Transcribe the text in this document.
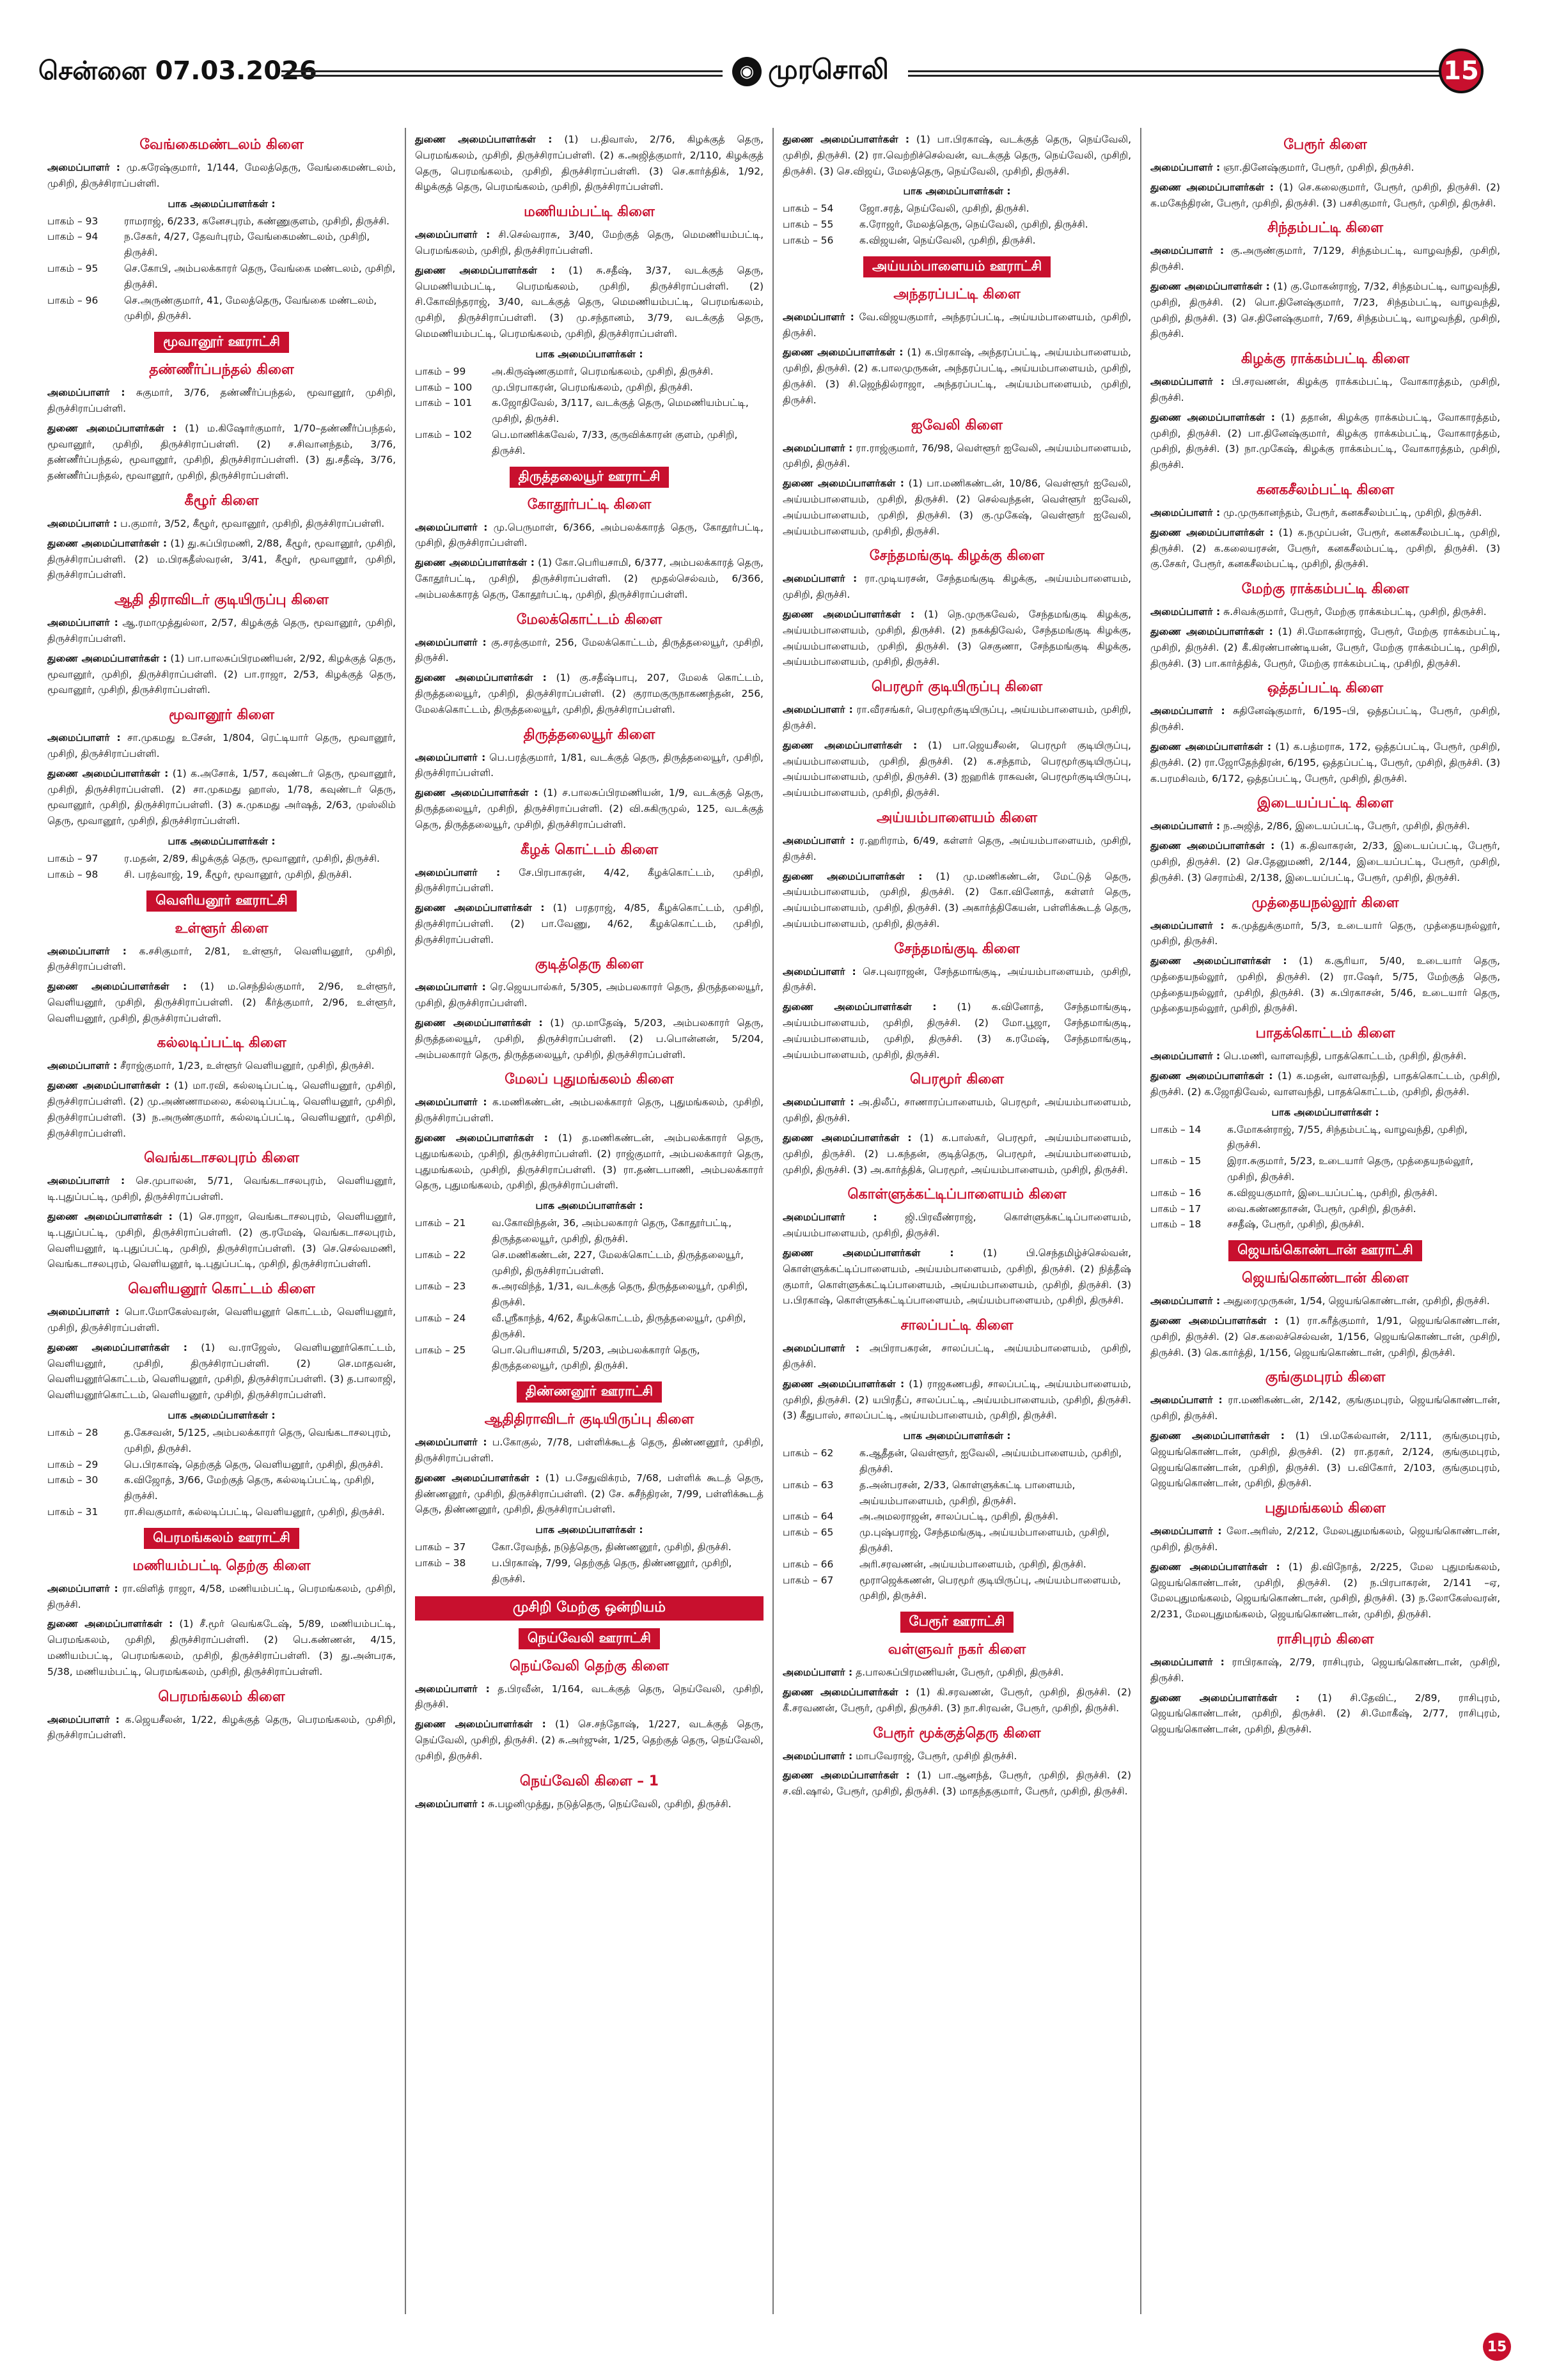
சென்னை 07.03.2026	◉ முரசொலி	15
வேங்கைமண்டலம் கிளை
அமைப்பாளர் : மு.சுரேஷ்குமார், 1/144, மேலத்தெரு, வேங்கைமண்டலம், முசிறி, திருச்சிராப்பள்ளி.
பாக அமைப்பாளர்கள் :
பாகம் – 93	ராமராஜ், 6/233, கனேசபுரம், கண்ணுகுளம், முசிறி, திருச்சி.
பாகம் – 94	ந.சேகர், 4/27, தேவர்புரம், வேங்கைமண்டலம், முசிறி, திருச்சி.
பாகம் – 95	செ.கோபி, அம்பலக்காரர் தெரு, வேங்கை மண்டலம், முசிறி, திருச்சி.
பாகம் – 96	செ.அருண்குமார், 41, மேலத்தெரு, வேங்கை மண்டலம், முசிறி, திருச்சி.
மூவானூர் ஊராட்சி
தண்ணீர்ப்பந்தல் கிளை
அமைப்பாளர் : சுகுமார், 3/76, தண்ணீர்ப்பந்தல், மூவானூர், முசிறி, திருச்சிராப்பள்ளி.
துணை அமைப்பாளர்கள் : (1) ம.கிஷோர்குமார், 1/70–தண்ணீர்ப்பந்தல், மூவானூர், முசிறி, திருச்சிராப்பள்ளி. (2) ச.சிவானந்தம், 3/76, தண்ணீர்ப்பந்தல், மூவானூர், முசிறி, திருச்சிராப்பள்ளி. (3) து.சதீஷ், 3/76, தண்ணீர்ப்பந்தல், மூவானூர், முசிறி, திருச்சிராப்பள்ளி.
கீழூர் கிளை
அமைப்பாளர் : ப.குமார், 3/52, கீழூர், மூவானூர், முசிறி, திருச்சிராப்பள்ளி.
துணை அமைப்பாளர்கள் : (1) து.சுப்பிரமணி, 2/88, கீழூர், மூவானூர், முசிறி, திருச்சிராப்பள்ளி. (2) ம.பிரகதீஸ்வரன், 3/41, கீழூர், மூவானூர், முசிறி, திருச்சிராப்பள்ளி.
ஆதி திராவிடர் குடியிருப்பு கிளை
அமைப்பாளர் : ஆ.ரமாமுத்துல்லா, 2/57, கிழக்குத் தெரு, மூவானூர், முசிறி, திருச்சிராப்பள்ளி.
துணை அமைப்பாளர்கள் : (1) பா.பாலசுப்பிரமணியன், 2/92, கிழக்குத் தெரு, மூவானூர், முசிறி, திருச்சிராப்பள்ளி. (2) பா.ராஜா, 2/53, கிழக்குத் தெரு, மூவானூர், முசிறி, திருச்சிராப்பள்ளி.
மூவானூர் கிளை
அமைப்பாளர் : சா.முகமது உசேன், 1/804, ரெட்டியார் தெரு, மூவானூர், முசிறி, திருச்சிராப்பள்ளி.
துணை அமைப்பாளர்கள் : (1) க.அசோக், 1/57, கவுண்டர் தெரு, மூவானூர், முசிறி, திருச்சிராப்பள்ளி. (2) சா.முகமது ஹாஸ், 1/78, கவுண்டர் தெரு, மூவானூர், முசிறி, திருச்சிராப்பள்ளி. (3) சு.முகமது அர்ஷத், 2/63, முஸ்லிம் தெரு, மூவானூர், முசிறி, திருச்சிராப்பள்ளி.
பாக அமைப்பாளர்கள் :
பாகம் – 97	ர.மதன், 2/89, கிழக்குத் தெரு, மூவானூர், முசிறி, திருச்சி.
பாகம் – 98	சி. பரத்வாஜ், 19, கீழூர், மூவானூர், முசிறி, திருச்சி.
வெளியனூர் ஊராட்சி
உள்ளூர் கிளை
அமைப்பாளர் : க.சசிகுமார், 2/81, உள்ளூர், வெளியனூர், முசிறி, திருச்சிராப்பள்ளி.
துணை அமைப்பாளர்கள் : (1) ம.செந்தில்குமார், 2/96, உள்ளூர், வெளியனூர், முசிறி, திருச்சிராப்பள்ளி. (2) கீர்த்குமார், 2/96, உள்ளூர், வெளியனூர், முசிறி, திருச்சிராப்பள்ளி.
கல்லடிப்பட்டி கிளை
அமைப்பாளர் : சீராஜ்குமார், 1/23, உள்ளூர் வெளியனூர், முசிறி, திருச்சி.
துணை அமைப்பாளர்கள் : (1) மா.ரவி, கல்லடிப்பட்டி, வெளியனூர், முசிறி, திருச்சிராப்பள்ளி. (2) மு.அண்ணாமலை, கல்லடிப்பட்டி, வெளியனூர், முசிறி, திருச்சிராப்பள்ளி. (3) ந.அருண்குமார், கல்லடிப்பட்டி, வெளியனூர், முசிறி, திருச்சிராப்பள்ளி.
வெங்கடாசலபுரம் கிளை
அமைப்பாளர் : செ.முபாலன், 5/71, வெங்கடாசலபுரம், வெளியனூர், டி.புதுப்பட்டி, முசிறி, திருச்சிராப்பள்ளி.
துணை அமைப்பாளர்கள் : (1) செ.ராஜா, வெங்கடாசலபுரம், வெளியனூர், டி.புதுப்பட்டி, முசிறி, திருச்சிராப்பள்ளி. (2) கு.ரமேஷ், வெங்கடாசலபுரம், வெளியனூர், டி.புதுப்பட்டி, முசிறி, திருச்சிராப்பள்ளி. (3) செ.செல்வமணி, வெங்கடாசலபுரம், வெளியனூர், டி.புதுப்பட்டி, முசிறி, திருச்சிராப்பள்ளி.
வெளியனூர் கொட்டம் கிளை
அமைப்பாளர் : பொ.மோகேஸ்வரன், வெளியனூர் கொட்டம், வெளியனூர், முசிறி, திருச்சிராப்பள்ளி.
துணை அமைப்பாளர்கள் : (1) வ.ராஜேஸ், வெளியனூர்கொட்டம், வெளியனூர், முசிறி, திருச்சிராப்பள்ளி. (2) செ.மாதவன், வெளியனூர்கொட்டம், வெளியனூர், முசிறி, திருச்சிராப்பள்ளி. (3) த.பாலாஜி, வெளியனூர்கொட்டம், வெளியனூர், முசிறி, திருச்சிராப்பள்ளி.
பாக அமைப்பாளர்கள் :
பாகம் – 28	த.கேசவன், 5/125, அம்பலக்காரர் தெரு, வெங்கடாசலபுரம், முசிறி, திருச்சி.
பாகம் – 29	பெ.பிரகாஷ், தெற்குத் தெரு, வெளியனூர், முசிறி, திருச்சி.
பாகம் – 30	க.விஜோத், 3/66, மேற்குத் தெரு, கல்லடிப்பட்டி, முசிறி, திருச்சி.
பாகம் – 31	ரா.சிவகுமார், கல்லடிப்பட்டி, வெளியனூர், முசிறி, திருச்சி.
பெரமங்கலம் ஊராட்சி
மணியம்பட்டி தெற்கு கிளை
அமைப்பாளர் : ரா.விளித் ராஜா, 4/58, மணியம்பட்டி, பெரமங்கலம், முசிறி, திருச்சி.
துணை அமைப்பாளர்கள் : (1) சீ.மூர் வெங்கடேஷ், 5/89, மணியம்பட்டி, பெரமங்கலம், முசிறி, திருச்சிராப்பள்ளி. (2) பெ.கண்ணன், 4/15, மணியம்பட்டி, பெரமங்கலம், முசிறி, திருச்சிராப்பள்ளி. (3) து.அன்பரசு, 5/38, மணியம்பட்டி, பெரமங்கலம், முசிறி, திருச்சிராப்பள்ளி.
பெரமங்கலம் கிளை
அமைப்பாளர் : க.ஜெயசீலன், 1/22, கிழக்குத் தெரு, பெரமங்கலம், முசிறி, திருச்சிராப்பள்ளி.
துணை அமைப்பாளர்கள் : (1) ப.திவாஸ், 2/76, கிழக்குத் தெரு, பெரமங்கலம், முசிறி, திருச்சிராப்பள்ளி. (2) க.அஜித்குமார், 2/110, கிழக்குத் தெரு, பெரமங்கலம், முசிறி, திருச்சிராப்பள்ளி. (3) செ.கார்த்திக், 1/92, கிழக்குத் தெரு, பெரமங்கலம், முசிறி, திருச்சிராப்பள்ளி.
மணியம்பட்டி கிளை
அமைப்பாளர் : சி.செல்வராசு, 3/40, மேற்குத் தெரு, மெமணியம்பட்டி, பெரமங்கலம், முசிறி, திருச்சிராப்பள்ளி.
துணை அமைப்பாளர்கள் : (1) சு.சதீஷ், 3/37, வடக்குத் தெரு, பெமணியம்பட்டி, பெரமங்கலம், முசிறி, திருச்சிராப்பள்ளி. (2) சி.கோவிந்தராஜ், 3/40, வடக்குத் தெரு, மெமணியம்பட்டி, பெரமங்கலம், முசிறி, திருச்சிராப்பள்ளி. (3) மு.சந்தானம், 3/79, வடக்குத் தெரு, மெமணியம்பட்டி, பெரமங்கலம், முசிறி, திருச்சிராப்பள்ளி.
பாக அமைப்பாளர்கள் :
பாகம் – 99	அ.கிருஷ்ணகுமார், பெரமங்கலம், முசிறி, திருச்சி.
பாகம் – 100	மு.பிரபாகரன், பெரமங்கலம், முசிறி, திருச்சி.
பாகம் – 101	க.ஜோதிவேல், 3/117, வடக்குத் தெரு, மெமணியம்பட்டி, முசிறி, திருச்சி.
பாகம் – 102	பெ.மாணிக்கவேல், 7/33, குருவிக்காரன் குளம், முசிறி, திருச்சி.
திருத்தலையூர் ஊராட்சி
கோதூர்பட்டி கிளை
அமைப்பாளர் : மு.பெருமாள், 6/366, அம்பலக்காரத் தெரு, கோதூர்பட்டி, முசிறி, திருச்சிராப்பள்ளி.
துணை அமைப்பாளர்கள் : (1) கோ.பெரியசாமி, 6/377, அம்பலக்காரத் தெரு, கோதூர்பட்டி, முசிறி, திருச்சிராப்பள்ளி. (2) மூதல்செல்வம், 6/366, அம்பலக்காரத் தெரு, கோதூர்பட்டி, முசிறி, திருச்சிராப்பள்ளி.
மேலக்கொட்டம் கிளை
அமைப்பாளர் : கு.சரத்குமார், 256, மேலக்கொட்டம், திருத்தலையூர், முசிறி, திருச்சி.
துணை அமைப்பாளர்கள் : (1) கு.சதீஷ்பாபு, 207, மேலக் கொட்டம், திருத்தலையூர், முசிறி, திருச்சிராப்பள்ளி. (2) குராமகுருநாகணந்தன், 256, மேலக்கொட்டம், திருத்தலையூர், முசிறி, திருச்சிராப்பள்ளி.
திருத்தலையூர் கிளை
அமைப்பாளர் : பெ.பரத்குமார், 1/81, வடக்குத் தெரு, திருத்தலையூர், முசிறி, திருச்சிராப்பள்ளி.
துணை அமைப்பாளர்கள் : (1) ச.பாலசுப்பிரமணியன், 1/9, வடக்குத் தெரு, திருத்தலையூர், முசிறி, திருச்சிராப்பள்ளி. (2) வி.சுகிருமுல், 125, வடக்குத் தெரு, திருத்தலையூர், முசிறி, திருச்சிராப்பள்ளி.
கீழக் கொட்டம் கிளை
அமைப்பாளர் : சே.பிரபாகரன், 4/42, கீழக்கொட்டம், முசிறி, திருச்சிராப்பள்ளி.
துணை அமைப்பாளர்கள் : (1) பரதராஜ், 4/85, கீழக்கொட்டம், முசிறி, திருச்சிராப்பள்ளி. (2) பா.வேணு, 4/62, கீழக்கொட்டம், முசிறி, திருச்சிராப்பள்ளி.
குடித்தெரு கிளை
அமைப்பாளர் : ரெ.ஜெயபால்கர், 5/305, அம்பலகாரர் தெரு, திருத்தலையூர், முசிறி, திருச்சிராப்பள்ளி.
துணை அமைப்பாளர்கள் : (1) மு.மாதேஷ், 5/203, அம்பலகாரர் தெரு, திருத்தலையூர், முசிறி, திருச்சிராப்பள்ளி. (2) ப.பொன்னன், 5/204, அம்பலகாரர் தெரு, திருத்தலையூர், முசிறி, திருச்சிராப்பள்ளி.
மேலப் புதுமங்கலம் கிளை
அமைப்பாளர் : க.மணிகண்டன், அம்பலக்காரர் தெரு, புதுமங்கலம், முசிறி, திருச்சிராப்பள்ளி.
துணை அமைப்பாளர்கள் : (1) த.மணிகண்டன், அம்பலக்காரர் தெரு, புதுமங்கலம், முசிறி, திருச்சிராப்பள்ளி. (2) ராஜ்குமார், அம்பலக்காரர் தெரு, புதுமங்கலம், முசிறி, திருச்சிராப்பள்ளி. (3) ரா.தண்டபாணி, அம்பலக்காரர் தெரு, புதுமங்கலம், முசிறி, திருச்சிராப்பள்ளி.
பாக அமைப்பாளர்கள் :
பாகம் – 21	வ.கோவிந்தன், 36, அம்பலகாரர் தெரு, கோதூர்பட்டி, திருத்தலையூர், முசிறி, திருச்சி.
பாகம் – 22	செ.மணிகண்டன், 227, மேலக்கொட்டம், திருத்தலையூர், முசிறி, திருச்சிராப்பள்ளி.
பாகம் – 23	சு.அரவிந்த், 1/31, வடக்குத் தெரு, திருத்தலையூர், முசிறி, திருச்சி.
பாகம் – 24	வீ.ஸ்ரீகாந்த், 4/62, கீழக்கொட்டம், திருத்தலையூர், முசிறி, திருச்சி.
பாகம் – 25	பொ.பெரியசாமி, 5/203, அம்பலக்காரர் தெரு, திருத்தலையூர், முசிறி, திருச்சி.
திண்ணனூர் ஊராட்சி
ஆதிதிராவிடர் குடியிருப்பு கிளை
அமைப்பாளர் : ப.கோகுல், 7/78, பள்ளிக்கூடத் தெரு, திண்ணனூர், முசிறி, திருச்சிராப்பள்ளி.
துணை அமைப்பாளர்கள் : (1) ப.சேதுவிக்ரம், 7/68, பள்ளிக் கூடத் தெரு, திண்ணனூர், முசிறி, திருச்சிராப்பள்ளி. (2) சே. சுசீந்திரன், 7/99, பள்ளிக்கூடத் தெரு, திண்ணனூர், முசிறி, திருச்சிராப்பள்ளி.
பாக அமைப்பாளர்கள் :
பாகம் – 37	கோ.ரேவந்த், நடுத்தெரு, திண்ணனூர், முசிறி, திருச்சி.
பாகம் – 38	ப.பிரகாஷ், 7/99, தெற்குத் தெரு, திண்ணனூர், முசிறி, திருச்சி.
முசிறி மேற்கு ஒன்றியம்
நெய்வேலி ஊராட்சி
நெய்வேலி தெற்கு கிளை
அமைப்பாளர் : த.பிரவீன், 1/164, வடக்குத் தெரு, நெய்வேலி, முசிறி, திருச்சி.
துணை அமைப்பாளர்கள் : (1) செ.சந்தோஷ், 1/227, வடக்குத் தெரு, நெய்வேலி, முசிறி, திருச்சி. (2) சு.அர்ஜுன், 1/25, தெற்குத் தெரு, நெய்வேலி, முசிறி, திருச்சி.
நெய்வேலி கிளை – 1
அமைப்பாளர் : சு.பழனிமுத்து, நடுத்தெரு, நெய்வேலி, முசிறி, திருச்சி.
துணை அமைப்பாளர்கள் : (1) பா.பிரகாஷ், வடக்குத் தெரு, நெய்வேலி, முசிறி, திருச்சி. (2) ரா.வெற்றிச்செல்வன், வடக்குத் தெரு, நெய்வேலி, முசிறி, திருச்சி. (3) செ.விஜய், மேலத்தெரு, நெய்வேலி, முசிறி, திருச்சி.
பாக அமைப்பாளர்கள் :
பாகம் – 54	ஜோ.சரத், நெய்வேலி, முசிறி, திருச்சி.
பாகம் – 55	க.ரோஜர், மேலத்தெரு, நெய்வேலி, முசிறி, திருச்சி.
பாகம் – 56	க.விஜயன், நெய்வேலி, முசிறி, திருச்சி.
அய்யம்பாளையம் ஊராட்சி
அந்தரப்பட்டி கிளை
அமைப்பாளர் : வே.விஜயகுமார், அந்தரப்பட்டி, அய்யம்பாளையம், முசிறி, திருச்சி.
துணை அமைப்பாளர்கள் : (1) க.பிரகாஷ், அந்தரப்பட்டி, அய்யம்பாளையம், முசிறி, திருச்சி. (2) க.பாலமுருகன், அந்தரப்பட்டி, அய்யம்பாளையம், முசிறி, திருச்சி. (3) சி.ஜெந்தில்ராஜா, அந்தரப்பட்டி, அய்யம்பாளையம், முசிறி, திருச்சி.
ஐவேலி கிளை
அமைப்பாளர் : ரா.ராஜ்குமார், 76/98, வெள்ளூர் ஐவேலி, அய்யம்பாளையம், முசிறி, திருச்சி.
துணை அமைப்பாளர்கள் : (1) பா.மணிகண்டன், 10/86, வெள்ளூர் ஐவேலி, அய்யம்பாளையம், முசிறி, திருச்சி. (2) செல்வந்தன், வெள்ளூர் ஐவேலி, அய்யம்பாளையம், முசிறி, திருச்சி. (3) கு.முகேஷ், வெள்ளூர் ஐவேலி, அய்யம்பாளையம், முசிறி, திருச்சி.
சேந்தமங்குடி கிழக்கு கிளை
அமைப்பாளர் : ரா.முடியரசன், சேந்தமங்குடி கிழக்கு, அய்யம்பாளையம், முசிறி, திருச்சி.
துணை அமைப்பாளர்கள் : (1) நெ.முருகவேல், சேந்தமங்குடி கிழக்கு, அய்யம்பாளையம், முசிறி, திருச்சி. (2) நகக்திவேல், சேந்தமங்குடி கிழக்கு, அய்யம்பாளையம், முசிறி, திருச்சி. (3) செகுணா, சேந்தமங்குடி கிழக்கு, அய்யம்பாளையம், முசிறி, திருச்சி.
பெரமூர் குடியிருப்பு கிளை
அமைப்பாளர் : ரா.வீரசங்கர், பெரமூர்குடியிருப்பு, அய்யம்பாளையம், முசிறி, திருச்சி.
துணை அமைப்பாளர்கள் : (1) பா.ஜெயசீலன், பெரமூர் குடியிருப்பு, அய்யம்பாளையம், முசிறி, திருச்சி. (2) க.சந்தாம், பெரமூர்குடியிருப்பு, அய்யம்பாளையம், முசிறி, திருச்சி. (3) ஐஹரிக் ராசுவன், பெரமூர்குடியிருப்பு, அய்யம்பாளையம், முசிறி, திருச்சி.
அய்யம்பாளையம் கிளை
அமைப்பாளர் : ர.ஹரிராம், 6/49, கள்ளர் தெரு, அய்யம்பாளையம், முசிறி, திருச்சி.
துணை அமைப்பாளர்கள் : (1) மு.மணிகண்டன், மேட்டுத் தெரு, அய்யம்பாளையம், முசிறி, திருச்சி. (2) கோ.வினோத், கள்ளர் தெரு, அய்யம்பாளையம், முசிறி, திருச்சி. (3) அகார்த்திகேயன், பள்ளிக்கூடத் தெரு, அய்யம்பாளையம், முசிறி, திருச்சி.
சேந்தமங்குடி கிளை
அமைப்பாளர் : செ.புவராஜன், சேந்தமாங்குடி, அய்யம்பாளையம், முசிறி, திருச்சி.
துணை அமைப்பாளர்கள் : (1) க.வினோத், சேந்தமாங்குடி, அய்யம்பாளையம், முசிறி, திருச்சி. (2) மோ.பூஜா, சேந்தமாங்குடி, அய்யம்பாளையம், முசிறி, திருச்சி. (3) க.ரமேஷ், சேந்தமாங்குடி, அய்யம்பாளையம், முசிறி, திருச்சி.
பெரமூர் கிளை
அமைப்பாளர் : அ.திலீப், சாணாரப்பாளையம், பெரமூர், அய்யம்பாளையம், முசிறி, திருச்சி.
துணை அமைப்பாளர்கள் : (1) க.பாஸ்கர், பெரமூர், அய்யம்பாளையம், முசிறி, திருச்சி. (2) ப.கந்தன், குடித்தெரு, பெரமூர், அய்யம்பாளையம், முசிறி, திருச்சி. (3) அ.கார்த்திக், பெரமூர், அய்யம்பாளையம், முசிறி, திருச்சி.
கொள்ளுக்கட்டிப்பாளையம் கிளை
அமைப்பாளர் :	ஜி.பிரவீண்ராஜ், கொள்ளுக்கட்டிப்பாளையம், அய்யம்பாளையம், முசிறி, திருச்சி.
துணை அமைப்பாளர்கள் :	(1) பி.செந்தமிழ்ச்செல்வன், கொள்ளுக்கட்டிப்பாளையம், அய்யம்பாளையம், முசிறி, திருச்சி. (2) நித்தீஷ் குமார், கொள்ளுக்கட்டிப்பாளையம், அய்யம்பாளையம், முசிறி, திருச்சி. (3) ப.பிரகாஷ், கொள்ளுக்கட்டிப்பாளையம், அய்யம்பாளையம், முசிறி, திருச்சி.
சாலப்பட்டி கிளை
அமைப்பாளர் : அபிராபகரன், சாலப்பட்டி, அய்யம்பாளையம், முசிறி, திருச்சி.
துணை அமைப்பாளர்கள் : (1) ராஜகணபதி, சாலப்பட்டி, அய்யம்பாளையம், முசிறி, திருச்சி. (2) யபிரதீப், சாலப்பட்டி, அய்யம்பாளையம், முசிறி, திருச்சி. (3) கீதுபாஸ், சாலப்பட்டி, அய்யம்பாளையம், முசிறி, திருச்சி.
பாக அமைப்பாளர்கள் :
பாகம் – 62	க.ஆதீதன், வெள்ளூர், ஐவேலி, அய்யம்பாளையம், முசிறி, திருச்சி.
பாகம் – 63	த.அன்பரசன், 2/33, கொள்ளுக்கட்டி பாளையம், அய்யம்பாளையம், முசிறி, திருச்சி.
பாகம் – 64	அ.அமலராஜன், சாலப்பட்டி, முசிறி, திருச்சி.
பாகம் – 65	மு.புஷ்பராஜ், சேந்தமங்குடி, அய்யம்பாளையம், முசிறி, திருச்சி.
பாகம் – 66	அரி.சரவணன், அய்யம்பாளையம், முசிறி, திருச்சி.
பாகம் – 67	மூராஜெக்கணன், பெரமூர் குடியிருப்பு, அய்யம்பாளையம், முசிறி, திருச்சி.
பேரூர் ஊராட்சி
வள்ளுவர் நகர் கிளை
அமைப்பாளர் : த.பாலசுப்பிரமணியன், பேரூர், முசிறி, திருச்சி.
துணை அமைப்பாளர்கள் : (1) கி.சரவணன், பேரூர், முசிறி, திருச்சி. (2) கீ.சரவணன், பேரூர், முசிறி, திருச்சி. (3) நா.சிரவன், பேரூர், முசிறி, திருச்சி.
பேரூர் மூக்குத்தெரு கிளை
அமைப்பாளர் : மாபவேராஜ், பேரூர், முசிறி திருச்சி.
துணை அமைப்பாளர்கள் : (1) பா.ஆனந்த், பேரூர், முசிறி, திருச்சி. (2) ச.வி.ஷால், பேரூர், முசிறி, திருச்சி. (3) மாதந்தகுமார், பேரூர், முசிறி, திருச்சி.
பேரூர் கிளை
அமைப்பாளர் : ஞா.தினேஷ்குமார், பேரூர், முசிறி, திருச்சி.
துணை அமைப்பாளர்கள் : (1) செ.கலைகுமார், பேரூர், முசிறி, திருச்சி. (2) க.மகேந்திரன், பேரூர், முசிறி, திருச்சி. (3) பசசிகுமார், பேரூர், முசிறி, திருச்சி.
சிந்தம்பட்டி கிளை
அமைப்பாளர் : கு.அருண்குமார், 7/129, சிந்தம்பட்டி, வாழவந்தி, முசிறி, திருச்சி.
துணை அமைப்பாளர்கள் : (1) கு.மோகன்ராஜ், 7/32, சிந்தம்பட்டி, வாழவந்தி, முசிறி, திருச்சி. (2) பொ.தினேஷ்குமார், 7/23, சிந்தம்பட்டி, வாழவந்தி, முசிறி, திருச்சி. (3) செ.தினேஷ்குமார், 7/69, சிந்தம்பட்டி, வாழவந்தி, முசிறி, திருச்சி.
கிழக்கு ராக்கம்பட்டி கிளை
அமைப்பாளர் : பி.சரவணன், கிழக்கு ராக்கம்பட்டி, வோகாரத்தம், முசிறி, திருச்சி.
துணை அமைப்பாளர்கள் : (1) ததான், கிழக்கு ராக்கம்பட்டி, வோகாரத்தம், முசிறி, திருச்சி. (2) பா.தினேஷ்குமார், கிழக்கு ராக்கம்பட்டி, வோகாரத்தம், முசிறி, திருச்சி. (3) நா.முகேஷ், கிழக்கு ராக்கம்பட்டி, வோகாரத்தம், முசிறி, திருச்சி.
கனகசீலம்பட்டி கிளை
அமைப்பாளர் : மு.முருகானந்தம், பேரூர், கனகசீலம்பட்டி, முசிறி, திருச்சி.
துணை அமைப்பாளர்கள் : (1) க.நமுப்பன், பேரூர், கனகசீலம்பட்டி, முசிறி, திருச்சி. (2) க.கலையரசன், பேரூர், கனகசீலம்பட்டி, முசிறி, திருச்சி. (3) கு.சேகர், பேரூர், கனகசீலம்பட்டி, முசிறி, திருச்சி.
மேற்கு ராக்கம்பட்டி கிளை
அமைப்பாளர் : சு.சிவக்குமார், பேரூர், மேற்கு ராக்கம்பட்டி, முசிறி, திருச்சி.
துணை அமைப்பாளர்கள் : (1) சி.மோகன்ராஜ், பேரூர், மேற்கு ராக்கம்பட்டி, முசிறி, திருச்சி. (2) கீ.கிரண்பாண்டியன், பேரூர், மேற்கு ராக்கம்பட்டி, முசிறி, திருச்சி. (3) பா.கார்த்திக், பேரூர், மேற்கு ராக்கம்பட்டி, முசிறி, திருச்சி.
ஒத்தப்பட்டி கிளை
அமைப்பாளர் : சுதினேஷ்குமார், 6/195–பி, ஒத்தப்பட்டி, பேரூர், முசிறி, திருச்சி.
துணை அமைப்பாளர்கள் : (1) க.பத்மராசு, 172, ஒத்தப்பட்டி, பேரூர், முசிறி, திருச்சி. (2) ரா.ஜோதேந்திரன், 6/195, ஒத்தப்பட்டி, பேரூர், முசிறி, திருச்சி. (3) க.பரமசிவம், 6/172, ஒத்தப்பட்டி, பேரூர், முசிறி, திருச்சி.
இடையப்பட்டி கிளை
அமைப்பாளர் : ந.அஜித், 2/86, இடையப்பட்டி, பேரூர், முசிறி, திருச்சி.
துணை அமைப்பாளர்கள் : (1) க.திவாகரன், 2/33, இடையப்பட்டி, பேரூர், முசிறி, திருச்சி. (2) செ.தேனுமணி, 2/144, இடையப்பட்டி, பேரூர், முசிறி, திருச்சி. (3) செராம்கி, 2/138, இடையப்பட்டி, பேரூர், முசிறி, திருச்சி.
முத்தையநல்லூர் கிளை
அமைப்பாளர் : சு.முத்துக்குமார், 5/3, உடையார் தெரு, முத்தையநல்லூர், முசிறி, திருச்சி.
துணை அமைப்பாளர்கள் : (1) க.சூரியா, 5/40, உடையார் தெரு, முத்தையநல்லூர், முசிறி, திருச்சி. (2) ரா.ஷேர், 5/75, மேற்குத் தெரு, முத்தையநல்லூர், முசிறி, திருச்சி. (3) சு.பிரகாசன், 5/46, உடையார் தெரு, முத்தையநல்லூர், முசிறி, திருச்சி.
பாதக்கொட்டம் கிளை
அமைப்பாளர் : பெ.மணி, வாளவந்தி, பாதக்கொட்டம், முசிறி, திருச்சி.
துணை அமைப்பாளர்கள் : (1) க.மதன், வாளவந்தி, பாதக்கொட்டம், முசிறி, திருச்சி. (2) க.ஜோதிவேல், வாளவந்தி, பாதக்கொட்டம், முசிறி, திருச்சி.
பாக அமைப்பாளர்கள் :
பாகம் – 14	க.மோகன்ராஜ், 7/55, சிந்தம்பட்டி, வாழவந்தி, முசிறி, திருச்சி.
பாகம் – 15	இரா.சுகுமார், 5/23, உடையார் தெரு, முத்தையநல்லூர், முசிறி, திருச்சி.
பாகம் – 16	க.விஜயகுமார், இடையப்பட்டி, முசிறி, திருச்சி.
பாகம் – 17	வை.கண்ணதாசன், பேரூர், முசிறி, திருச்சி.
பாகம் – 18	சசதீஷ், பேரூர், முசிறி, திருச்சி.
ஜெயங்கொண்டான் ஊராட்சி
ஜெயங்கொண்டான் கிளை
அமைப்பாளர் : அதுரைமுருகன், 1/54, ஜெயங்கொண்டான், முசிறி, திருச்சி.
துணை அமைப்பாளர்கள் : (1) ரா.சுரீத்குமார், 1/91, ஜெயங்கொண்டான், முசிறி, திருச்சி. (2) செ.கலைச்செல்வன், 1/156, ஜெயங்கொண்டான், முசிறி, திருச்சி. (3) கெ.கார்த்தி, 1/156, ஜெயங்கொண்டான், முசிறி, திருச்சி.
குங்குமபுரம் கிளை
அமைப்பாளர் : ரா.மணிகண்டன், 2/142, குங்குமபுரம், ஜெயங்கொண்டான், முசிறி, திருச்சி.
துணை அமைப்பாளர்கள் : (1) பி.மகேல்வான், 2/111, குங்குமபுரம், ஜெயங்கொண்டான், முசிறி, திருச்சி. (2) ரா.தரகர், 2/124, குங்குமபுரம், ஜெயங்கொண்டான், முசிறி, திருச்சி. (3) ப.விகோர், 2/103, குங்குமபுரம், ஜெயங்கொண்டான், முசிறி, திருச்சி.
புதுமங்கலம் கிளை
அமைப்பாளர் : லோ.அரிஸ், 2/212, மேலபுதுமங்கலம், ஜெயங்கொண்டான், முசிறி, திருச்சி.
துணை அமைப்பாளர்கள் : (1) தி.விநோத், 2/225, மேல புதுமங்கலம், ஜெயங்கொண்டான், முசிறி, திருச்சி. (2) ந.பிரபாகரன், 2/141 –ஏ, மேலபுதுமங்கலம், ஜெயங்கொண்டான், முசிறி, திருச்சி. (3) ந.லோகேஸ்வரன், 2/231, மேலபுதுமங்கலம், ஜெயங்கொண்டான், முசிறி, திருச்சி.
ராசிபுரம் கிளை
அமைப்பாளர் : ராபிரகாஷ், 2/79, ராசிபுரம், ஜெயங்கொண்டான், முசிறி, திருச்சி.
துணை அமைப்பாளர்கள் : (1) சி.தேவிட், 2/89, ராசிபுரம், ஜெயங்கொண்டான், முசிறி, திருச்சி. (2) சி.மோகீஷ், 2/77, ராசிபுரம், ஜெயங்கொண்டான், முசிறி, திருச்சி.
15
